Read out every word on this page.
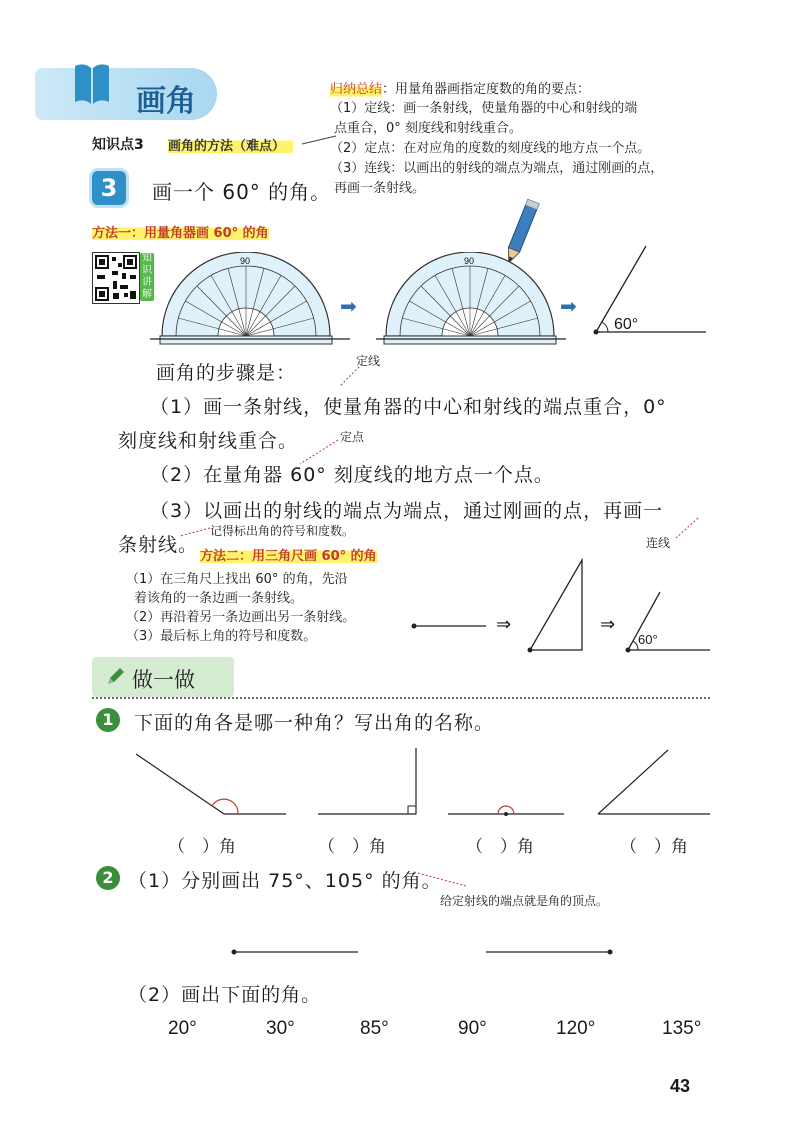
画角
知识点3 画角的方法（难点）
归纳总结：用量角器画指定度数的角的要点：
（1）定线：画一条射线，使量角器的中心和射线的端
点重合，0° 刻度线和射线重合。
（2）定点：在对应角的度数的刻度线的地方点一个点。
（3）连线：以画出的射线的端点为端点，通过刚画的点，
再画一条射线。
3	画一个 60° 的角。
方法一：用量角器画 60° 的角
知识讲解
90
➡
90
➡
60°
画角的步骤是：
定线
（1）画一条射线，使量角器的中心和射线的端点重合，0°
刻度线和射线重合。	定点
（2）在量角器 60° 刻度线的地方点一个点。
（3）以画出的射线的端点为端点，通过刚画的点，再画一
条射线。
记得标出角的符号和度数。
连线
方法二：用三角尺画 60° 的角
（1）在三角尺上找出 60° 的角，先沿
着该角的一条边画一条射线。
（2）再沿着另一条边画出另一条射线。
（3）最后标上角的符号和度数。
⇒	⇒
60°
做一做
1	下面的角各是哪一种角？写出角的名称。
（　）角	（　）角	（　）角	（　）角
2 （1）分别画出 75°、105° 的角。
给定射线的端点就是角的顶点。
（2）画出下面的角。
20°	30°	85°	90°	120°	135°
43
